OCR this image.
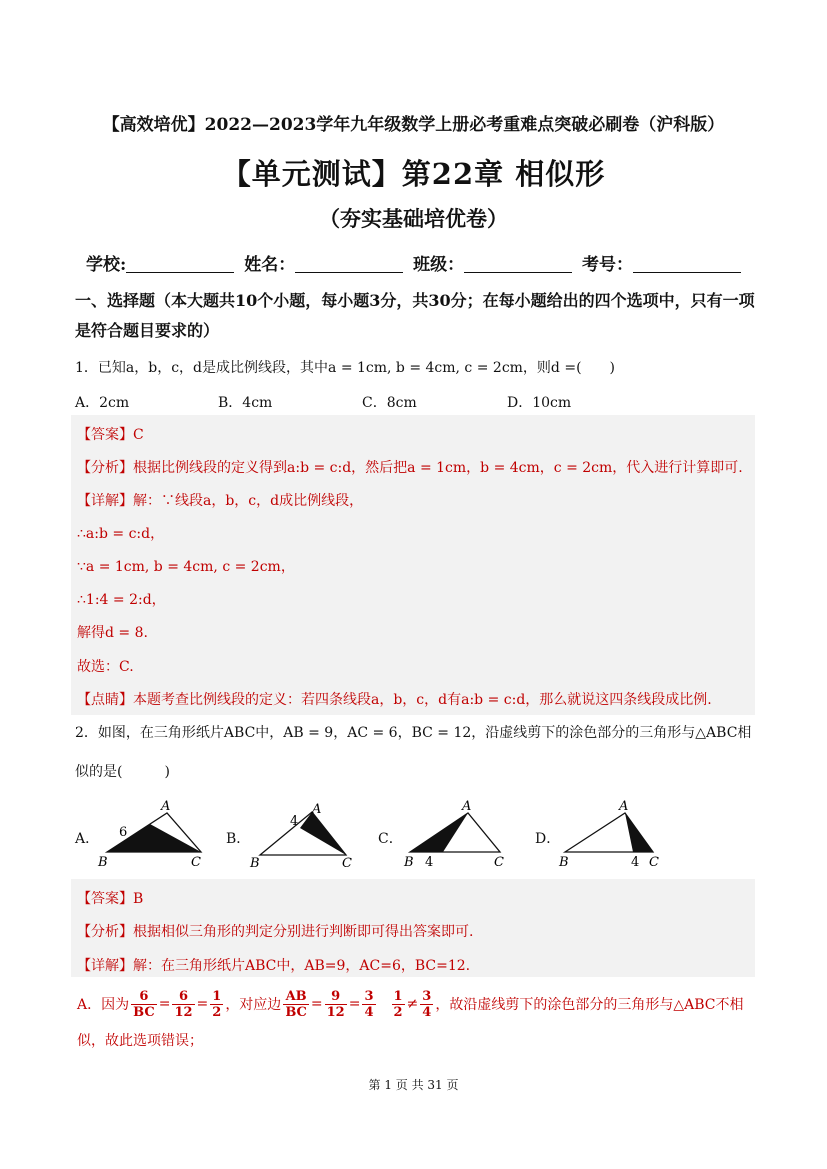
【高效培优】2022—2023学年九年级数学上册必考重难点突破必刷卷（沪科版）
【单元测试】第22章 相似形
（夯实基础培优卷）
学校:	姓名：	班级：	考号：
一、选择题（本大题共10个小题，每小题3分，共30分；在每小题给出的四个选项中，只有一项是符合题目要求的）
1．已知a，b，c，d是成比例线段，其中a = 1cm, b = 4cm, c = 2cm，则d =(　　)
A．2cm	B．4cm	C．8cm	D．10cm
【答案】C
【分析】根据比例线段的定义得到a:b = c:d，然后把a = 1cm，b = 4cm，c = 2cm，代入进行计算即可.
【详解】解：∵线段a，b，c，d成比例线段，
∴a:b = c:d，
∵a = 1cm, b = 4cm, c = 2cm，
∴1:4 = 2:d，
解得d = 8.
故选：C.
【点睛】本题考查比例线段的定义：若四条线段a，b，c，d有a:b = c:d，那么就说这四条线段成比例.
2．如图，在三角形纸片ABC中，AB = 9，AC = 6，BC = 12，沿虚线剪下的涂色部分的三角形与△ABC相
似的是(　　　)
A．
A
B	C
6	B．
A
B	C
4
C．
A
B	C
4
D．
A
B	C
4
【答案】B
【分析】根据相似三角形的判定分别进行判断即可得出答案即可.
【详解】解：在三角形纸片ABC中，AB=9，AC=6，BC=12.
A．因为 $\frac{6}{BC} = \frac{6}{12} = \frac{1}{2}$ ，对应边 $\frac{AB}{BC} = \frac{9}{12} = \frac{3}{4} \frac{1}{2} \ne \frac{3}{4}$ ，故沿虚线剪下的涂色部分的三角形与△ABC不相
似，故此选项错误；
第 1 页 共 31 页
